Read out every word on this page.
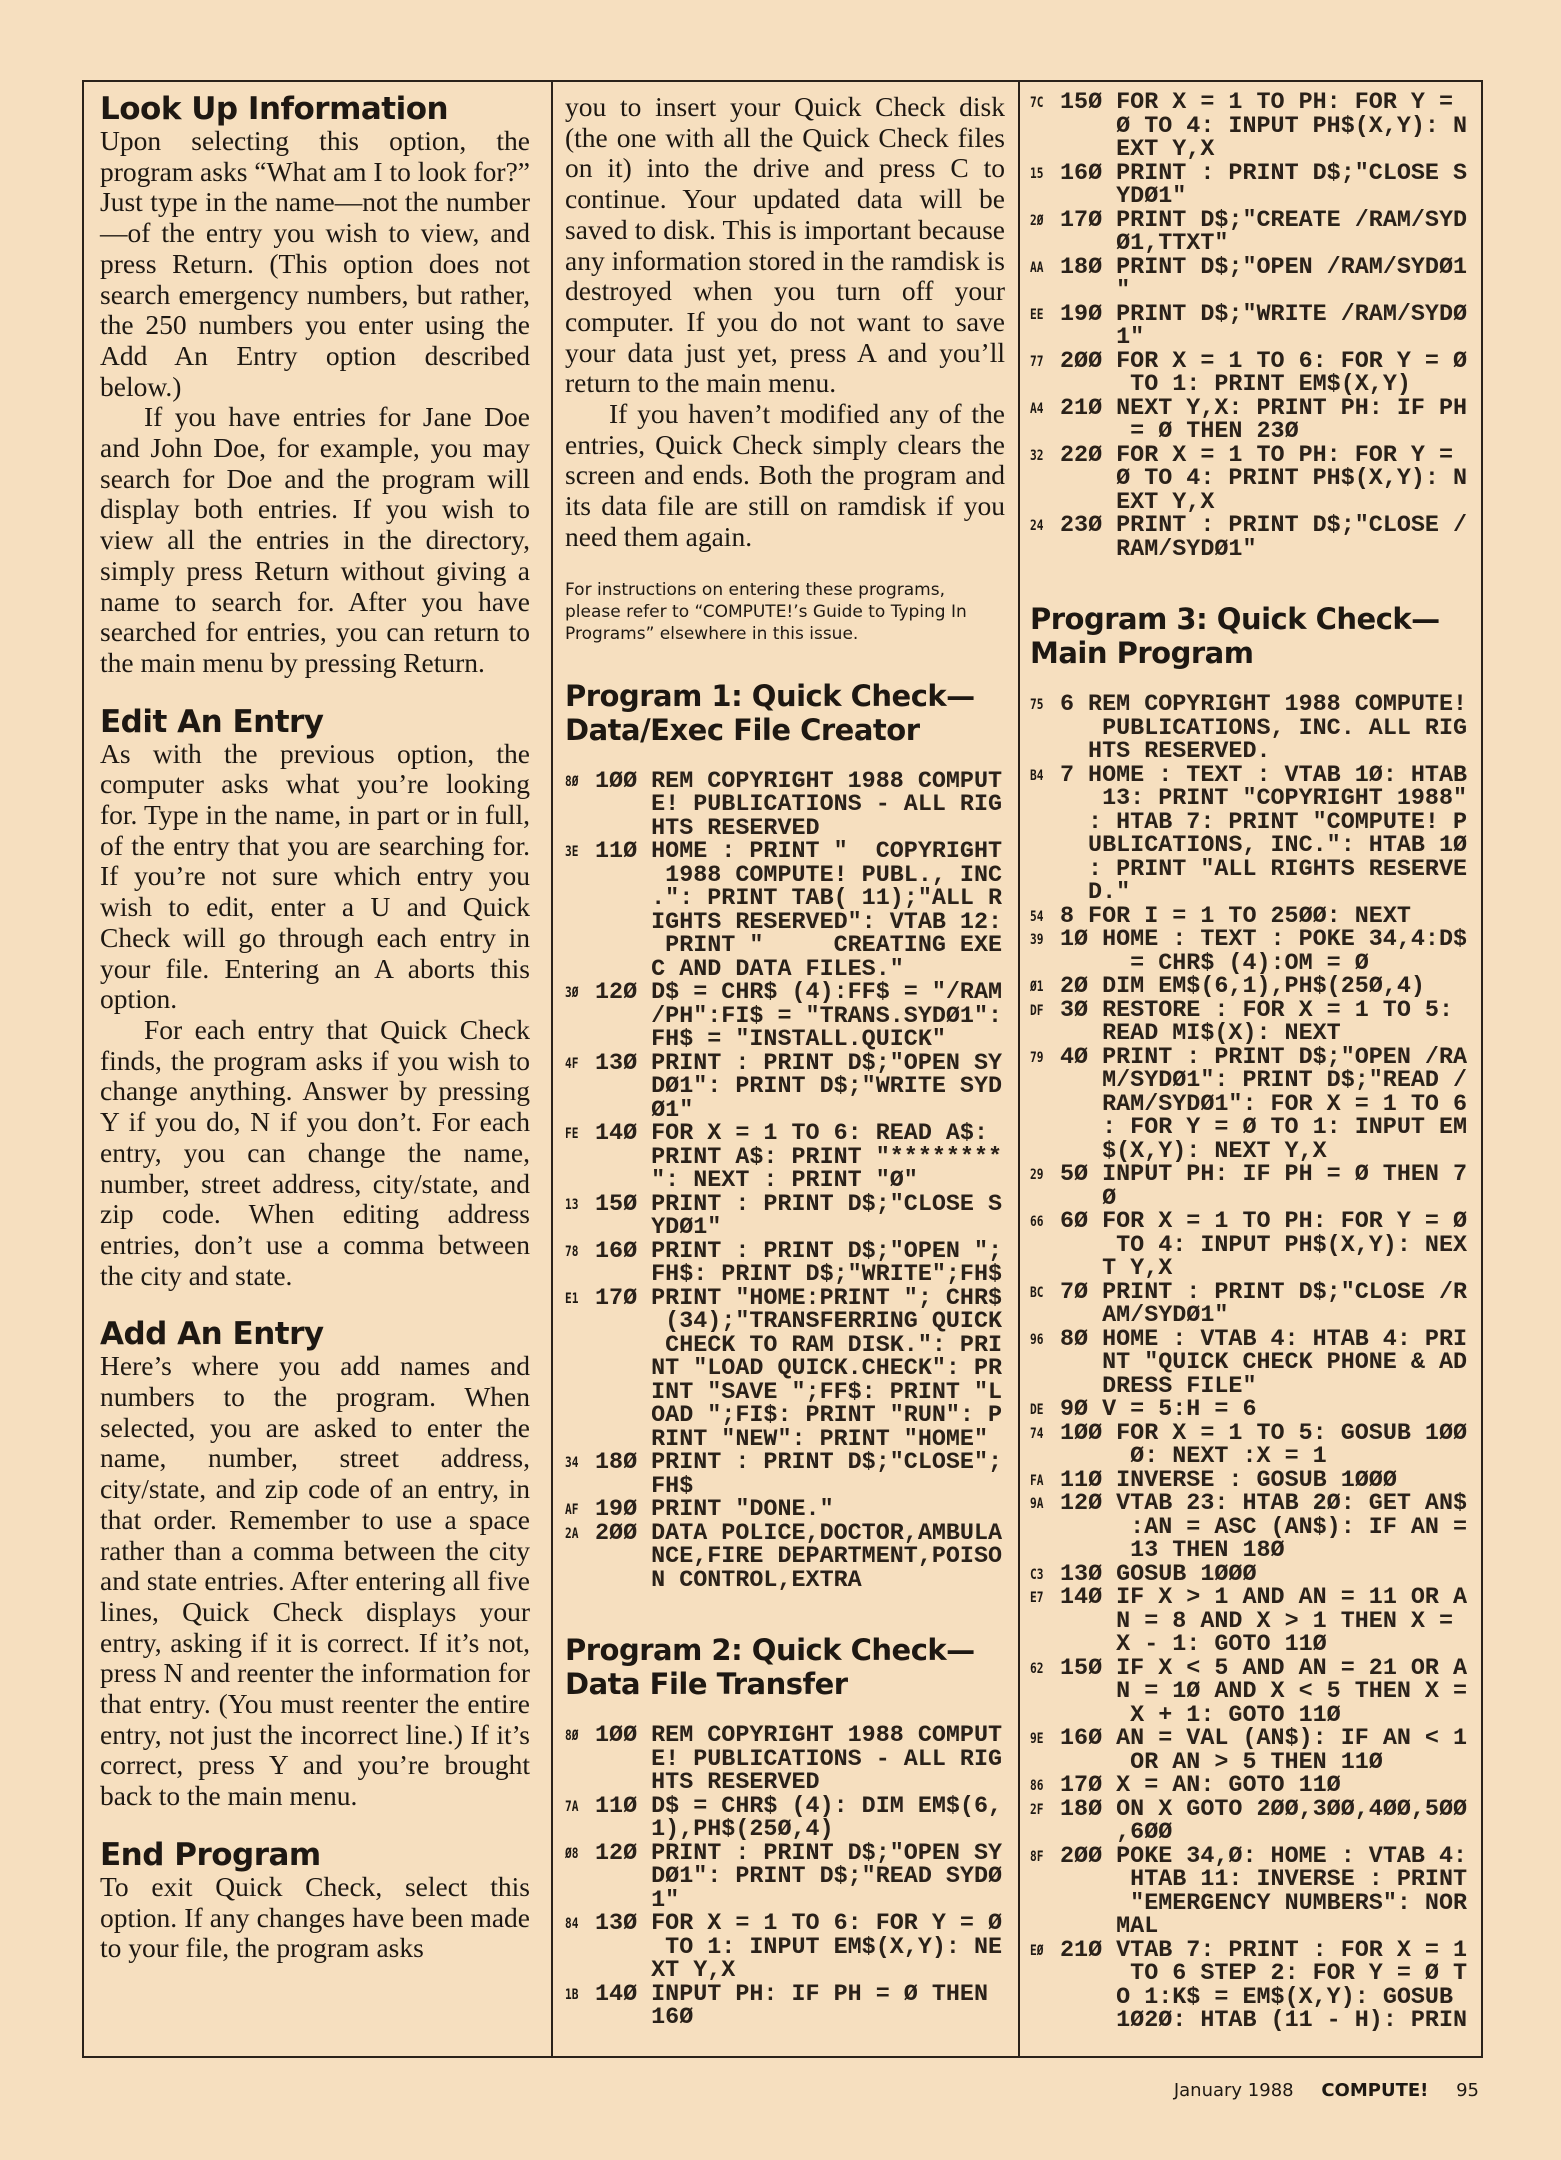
Look Up Information

Upon selecting this option, the program asks “What am I to look for?” Just type in the name—not the number—of the entry you wish to view, and press Return. (This option does not search emergency numbers, but rather, the 250 numbers you enter using the Add An Entry option described below.)

If you have entries for Jane Doe and John Doe, for example, you may search for Doe and the program will display both entries. If you wish to view all the entries in the directory, simply press Return without giving a name to search for. After you have searched for entries, you can return to the main menu by pressing Return.

Edit An Entry

As with the previous option, the computer asks what you’re looking for. Type in the name, in part or in full, of the entry that you are searching for. If you’re not sure which entry you wish to edit, enter a U and Quick Check will go through each entry in your file. Entering an A aborts this option.

For each entry that Quick Check finds, the program asks if you wish to change anything. Answer by pressing Y if you do, N if you don’t. For each entry, you can change the name, number, street address, city/state, and zip code. When editing address entries, don’t use a comma between the city and state.

Add An Entry

Here’s where you add names and numbers to the program. When selected, you are asked to enter the name, number, street address, city/state, and zip code of an entry, in that order. Remember to use a space rather than a comma between the city and state entries. After entering all five lines, Quick Check displays your entry, asking if it is correct. If it’s not, press N and reenter the information for that entry. (You must reenter the entire entry, not just the incorrect line.) If it’s correct, press Y and you’re brought back to the main menu.

End Program

To exit Quick Check, select this option. If any changes have been made to your file, the program asks

you to insert your Quick Check disk (the one with all the Quick Check files on it) into the drive and press C to continue. Your updated data will be saved to disk. This is important because any information stored in the ramdisk is destroyed when you turn off your computer. If you do not want to save your data just yet, press A and you’ll return to the main menu.

If you haven’t modified any of the entries, Quick Check simply clears the screen and ends. Both the program and its data file are still on ramdisk if you need them again.

For instructions on entering these programs, please refer to “COMPUTE!’s Guide to Typing In Programs” elsewhere in this issue.

Program 1: Quick Check—
Data/Exec File Creator
8Ø 1ØØ REM COPYRIGHT 1988 COMPUT
E! PUBLICATIONS - ALL RIG
HTS RESERVED
3E 11Ø HOME : PRINT "  COPYRIGHT
1988 COMPUTE! PUBL., INC
.": PRINT TAB( 11);"ALL R
IGHTS RESERVED": VTAB 12:
PRINT "     CREATING EXE
C AND DATA FILES."
3Ø 12Ø D$ = CHR$ (4):FF$ = "/RAM
/PH":FI$ = "TRANS.SYDØ1":
FH$ = "INSTALL.QUICK"
4F 13Ø PRINT : PRINT D$;"OPEN SY
DØ1": PRINT D$;"WRITE SYD
Ø1"
FE 14Ø FOR X = 1 TO 6: READ A$:
PRINT A$: PRINT "********
": NEXT : PRINT "Ø"
13 15Ø PRINT : PRINT D$;"CLOSE S
YDØ1"
78 16Ø PRINT : PRINT D$;"OPEN ";
FH$: PRINT D$;"WRITE";FH$
E1 17Ø PRINT "HOME:PRINT "; CHR$
(34);"TRANSFERRING QUICK
CHECK TO RAM DISK.": PRI
NT "LOAD QUICK.CHECK": PR
INT "SAVE ";FF$: PRINT "L
OAD ";FI$: PRINT "RUN": P
RINT "NEW": PRINT "HOME"
34 18Ø PRINT : PRINT D$;"CLOSE";
FH$
AF 19Ø PRINT "DONE."
2A 2ØØ DATA POLICE,DOCTOR,AMBULA
NCE,FIRE DEPARTMENT,POISO
N CONTROL,EXTRA
Program 2: Quick Check—
Data File Transfer
8Ø 1ØØ REM COPYRIGHT 1988 COMPUT
E! PUBLICATIONS - ALL RIG
HTS RESERVED
7A 11Ø D$ = CHR$ (4): DIM EM$(6,
1),PH$(25Ø,4)
Ø8 12Ø PRINT : PRINT D$;"OPEN SY
DØ1": PRINT D$;"READ SYDØ
1"
84 13Ø FOR X = 1 TO 6: FOR Y = Ø
TO 1: INPUT EM$(X,Y): NE
XT Y,X
1B 14Ø INPUT PH: IF PH = Ø THEN
16Ø
7C 15Ø FOR X = 1 TO PH: FOR Y =
Ø TO 4: INPUT PH$(X,Y): N
EXT Y,X
15 16Ø PRINT : PRINT D$;"CLOSE S
YDØ1"
2Ø 17Ø PRINT D$;"CREATE /RAM/SYD
Ø1,TTXT"
AA 18Ø PRINT D$;"OPEN /RAM/SYDØ1
"
EE 19Ø PRINT D$;"WRITE /RAM/SYDØ
1"
77 2ØØ FOR X = 1 TO 6: FOR Y = Ø
TO 1: PRINT EM$(X,Y)
A4 21Ø NEXT Y,X: PRINT PH: IF PH
= Ø THEN 23Ø
32 22Ø FOR X = 1 TO PH: FOR Y =
Ø TO 4: PRINT PH$(X,Y): N
EXT Y,X
24 23Ø PRINT : PRINT D$;"CLOSE /
RAM/SYDØ1"
Program 3: Quick Check—
Main Program
75 6 REM COPYRIGHT 1988 COMPUTE!
PUBLICATIONS, INC. ALL RIG
HTS RESERVED.
B4 7 HOME : TEXT : VTAB 1Ø: HTAB
13: PRINT "COPYRIGHT 1988"
: HTAB 7: PRINT "COMPUTE! P
UBLICATIONS, INC.": HTAB 1Ø
: PRINT "ALL RIGHTS RESERVE
D."
54 8 FOR I = 1 TO 25ØØ: NEXT
39 1Ø HOME : TEXT : POKE 34,4:D$
= CHR$ (4):OM = Ø
Ø1 2Ø DIM EM$(6,1),PH$(25Ø,4)
DF 3Ø RESTORE : FOR X = 1 TO 5:
READ MI$(X): NEXT
79 4Ø PRINT : PRINT D$;"OPEN /RA
M/SYDØ1": PRINT D$;"READ /
RAM/SYDØ1": FOR X = 1 TO 6
: FOR Y = Ø TO 1: INPUT EM
$(X,Y): NEXT Y,X
29 5Ø INPUT PH: IF PH = Ø THEN 7
Ø
66 6Ø FOR X = 1 TO PH: FOR Y = Ø
TO 4: INPUT PH$(X,Y): NEX
T Y,X
BC 7Ø PRINT : PRINT D$;"CLOSE /R
AM/SYDØ1"
96 8Ø HOME : VTAB 4: HTAB 4: PRI
NT "QUICK CHECK PHONE & AD
DRESS FILE"
DE 9Ø V = 5:H = 6
74 1ØØ FOR X = 1 TO 5: GOSUB 1ØØ
Ø: NEXT :X = 1
FA 11Ø INVERSE : GOSUB 1ØØØ
9A 12Ø VTAB 23: HTAB 2Ø: GET AN$
:AN = ASC (AN$): IF AN =
13 THEN 18Ø
C3 13Ø GOSUB 1ØØØ
E7 14Ø IF X > 1 AND AN = 11 OR A
N = 8 AND X > 1 THEN X =
X - 1: GOTO 11Ø
62 15Ø IF X < 5 AND AN = 21 OR A
N = 1Ø AND X < 5 THEN X =
X + 1: GOTO 11Ø
9E 16Ø AN = VAL (AN$): IF AN < 1
OR AN > 5 THEN 11Ø
86 17Ø X = AN: GOTO 11Ø
2F 18Ø ON X GOTO 2ØØ,3ØØ,4ØØ,5ØØ
,6ØØ
8F 2ØØ POKE 34,Ø: HOME : VTAB 4:
HTAB 11: INVERSE : PRINT
"EMERGENCY NUMBERS": NOR
MAL
EØ 21Ø VTAB 7: PRINT : FOR X = 1
TO 6 STEP 2: FOR Y = Ø T
O 1:K$ = EM$(X,Y): GOSUB
1Ø2Ø: HTAB (11 - H): PRIN
January 1988 COMPUTE! 95
